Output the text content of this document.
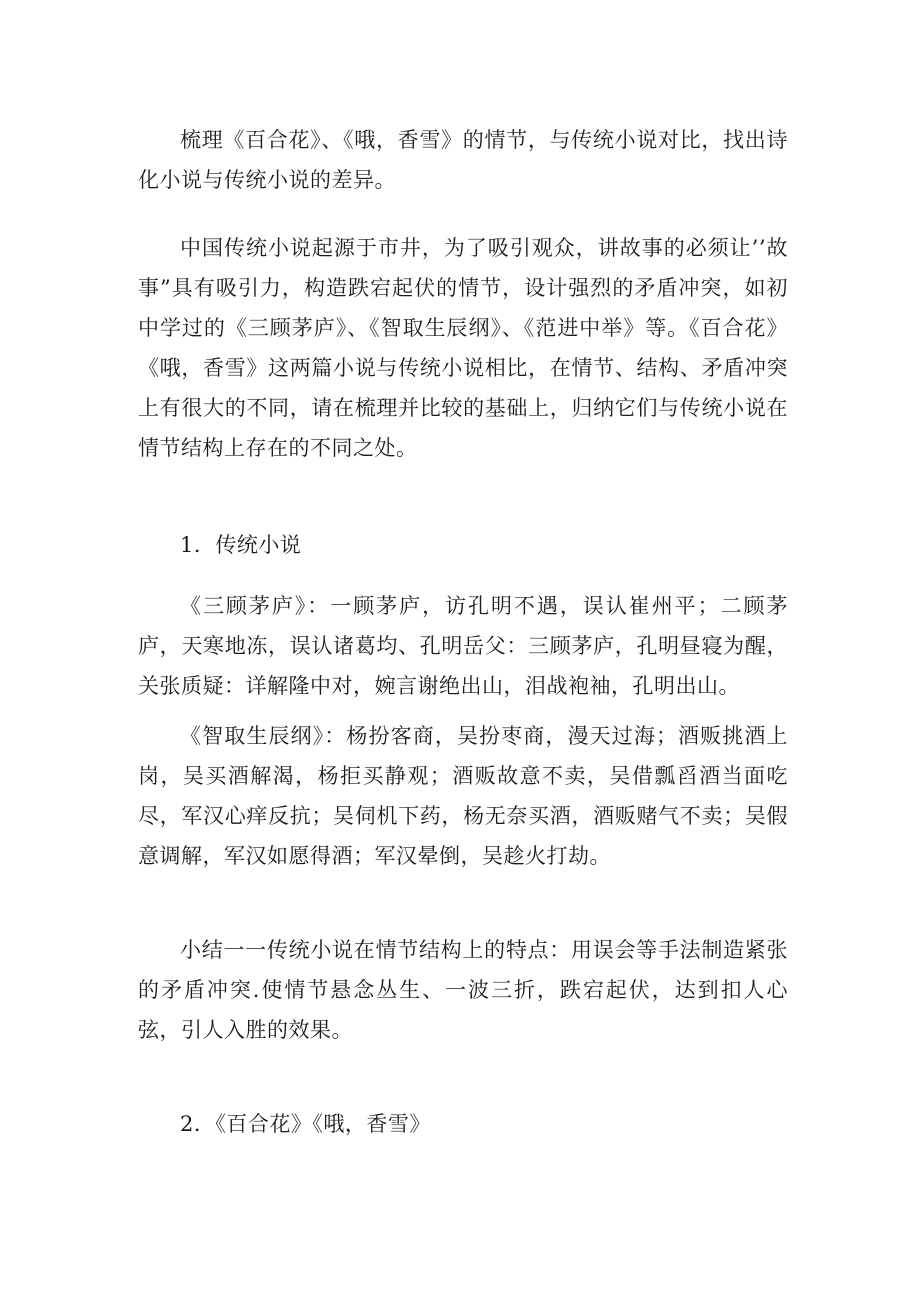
梳理《百合花》、《哦，香雪》的情节，与传统小说对比，找出诗化小说与传统小说的差异。

中国传统小说起源于市井，为了吸引观众，讲故事的必须让’’故事”具有吸引力，构造跌宕起伏的情节，设计强烈的矛盾冲突，如初中学过的《三顾茅庐》、《智取生辰纲》、《范进中举》等。《百合花》《哦，香雪》这两篇小说与传统小说相比，在情节、结构、矛盾冲突上有很大的不同，请在梳理并比较的基础上，归纳它们与传统小说在情节结构上存在的不同之处。

1．传统小说

《三顾茅庐》：一顾茅庐，访孔明不遇，误认崔州平；二顾茅庐，天寒地冻，误认诸葛均、孔明岳父：三顾茅庐，孔明昼寝为醒，关张质疑：详解隆中对，婉言谢绝出山，泪战袍袖，孔明出山。

《智取生辰纲》：杨扮客商，吴扮枣商，漫天过海；酒贩挑酒上岗，吴买酒解渴，杨拒买静观；酒贩故意不卖，吴借瓢舀酒当面吃尽，军汉心痒反抗；吴伺机下药，杨无奈买酒，酒贩赌气不卖；吴假意调解，军汉如愿得酒；军汉晕倒，吴趁火打劫。

小结一一传统小说在情节结构上的特点：用误会等手法制造紧张的矛盾冲突.使情节悬念丛生、一波三折，跌宕起伏，达到扣人心弦，引人入胜的效果。

2．《百合花》《哦，香雪》
